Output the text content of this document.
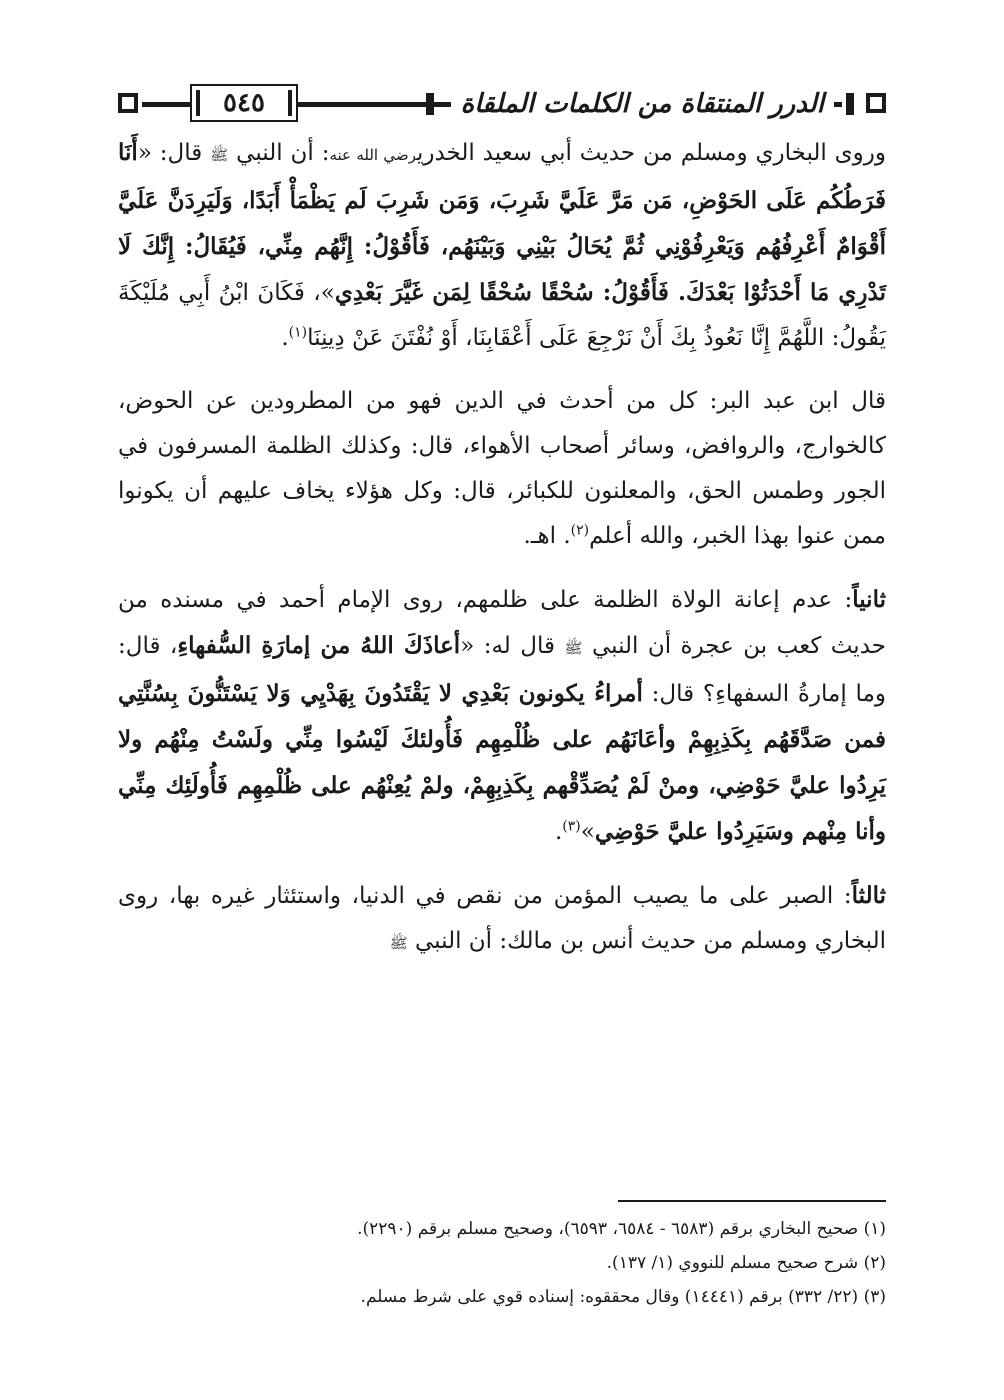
الدرر المنتقاة من الكلمات الملقاة
٥٤٥

وروى البخاري ومسلم من حديث أبي سعيد الخدريرضي الله عنه: أن النبي ﷺ قال: «أَنَا فَرَطُكُم عَلَى الحَوْضِ، مَن مَرَّ عَلَيَّ شَرِبَ، وَمَن شَرِبَ لَم يَظْمَأْ أَبَدًا، وَلَيَرِدَنَّ عَلَيَّ أَقْوَامٌ أَعْرِفُهُم وَيَعْرِفُوْنِي ثُمَّ يُحَالُ بَيْنِي وَبَيْنَهُم، فَأَقُوْلُ: إِنَّهُم مِنِّي، فَيُقَالُ: إِنَّكَ لَا تَدْرِي مَا أَحْدَثُوْا بَعْدَكَ. فَأَقُوْلُ: سُحْقًا سُحْقًا لِمَن غَيَّرَ بَعْدِي»، فَكَانَ ابْنُ أَبِي مُلَيْكَةَ يَقُولُ: اللَّهُمَّ إِنَّا نَعُوذُ بِكَ أَنْ نَرْجِعَ عَلَى أَعْقَابِنَا، أَوْ نُفْتَنَ عَنْ دِينِنَا$^{(١)}$.

قال ابن عبد البر: كل من أحدث في الدين فهو من المطرودين عن الحوض، كالخوارج، والروافض، وسائر أصحاب الأهواء، قال: وكذلك الظلمة المسرفون في الجور وطمس الحق، والمعلنون للكبائر، قال: وكل هؤلاء يخاف عليهم أن يكونوا ممن عنوا بهذا الخبر، والله أعلم$^{(٢)}$. اهـ.

ثانياً: عدم إعانة الولاة الظلمة على ظلمهم، روى الإمام أحمد في مسنده من حديث كعب بن عجرة أن النبي ﷺ قال له: «أعاذَكَ اللهُ من إمارَةِ السُّفهاءِ، قال: وما إمارةُ السفهاءِ؟ قال: أمراءُ يكونون بَعْدِي لا يَقْتَدُونَ بِهَدْيِي وَلا يَسْتَنُّونَ بِسُنَّتِي فمن صَدَّقَهُم بِكَذِبِهِمْ وأعَانَهُم على ظُلْمِهِم فَأُولئكَ لَيْسُوا مِنِّي ولَسْتُ مِنْهُم ولا يَرِدُوا عليَّ حَوْضِي، ومنْ لَمْ يُصَدِّقْهم بِكَذِبِهِمْ، ولمْ يُعِنْهُم على ظُلْمِهِم فَأُولَئِك مِنِّي وأنا مِنْهم وسَيَرِدُوا عليَّ حَوْضِي»$^{(٣)}$.

ثالثاً: الصبر على ما يصيب المؤمن من نقص في الدنيا، واستئثار غيره بها، روى البخاري ومسلم من حديث أنس بن مالك: أن النبي ﷺ

(١) صحيح البخاري برقم (٦٥٨٣ - ٦٥٨٤، ٦٥٩٣)، وصحيح مسلم برقم (٢٢٩٠).

(٢) شرح صحيح مسلم للنووي (١/ ١٣٧).

(٣) (٢٢/ ٣٣٢) برقم (١٤٤٤١) وقال محققوه: إسناده قوي على شرط مسلم.
